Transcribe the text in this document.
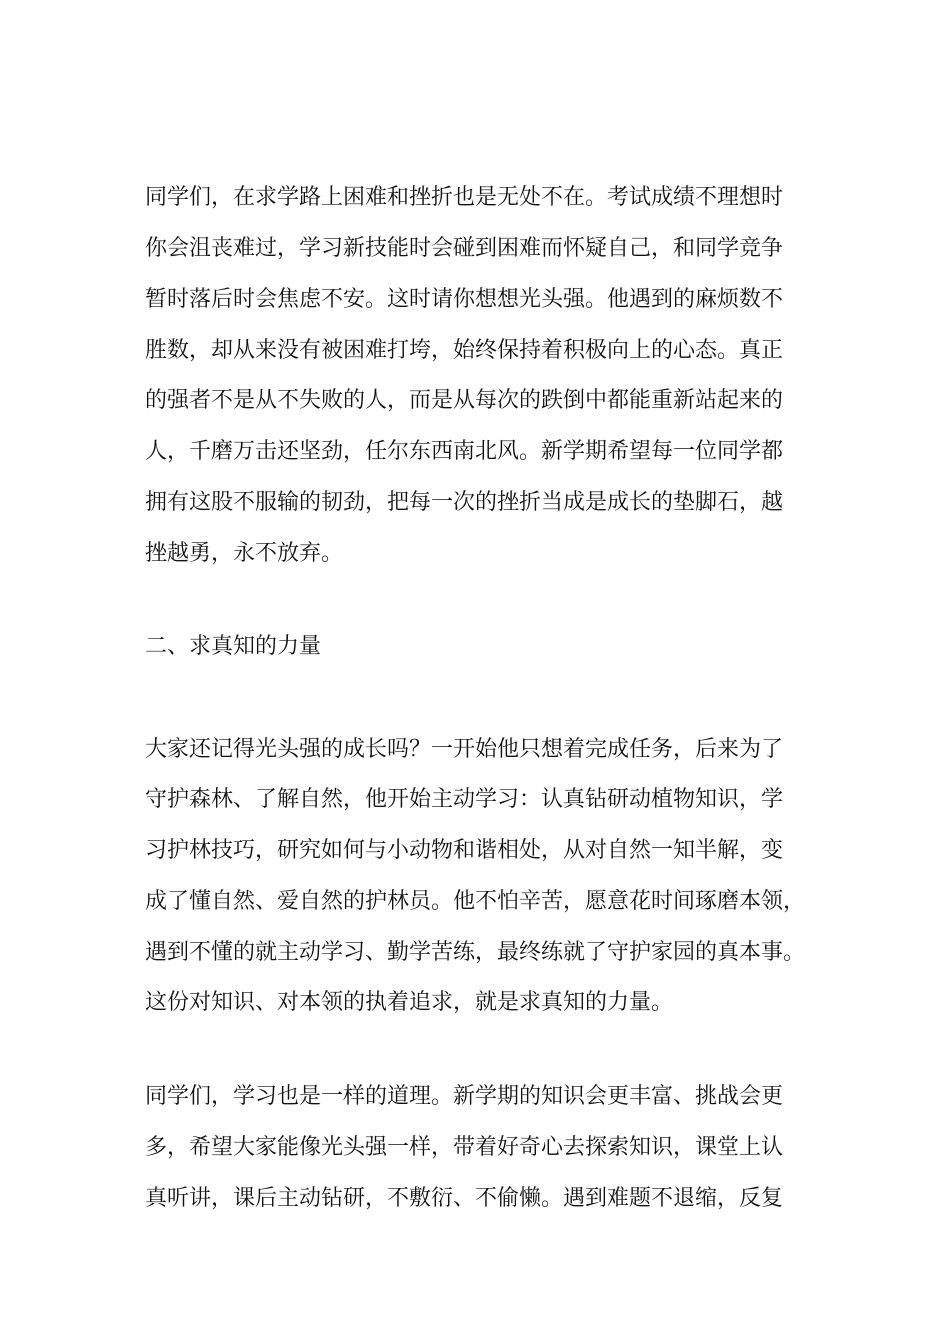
同学们，在求学路上困难和挫折也是无处不在。考试成绩不理想时

你会沮丧难过，学习新技能时会碰到困难而怀疑自己，和同学竞争

暂时落后时会焦虑不安。这时请你想想光头强。他遇到的麻烦数不

胜数，却从来没有被困难打垮，始终保持着积极向上的心态。真正

的强者不是从不失败的人，而是从每次的跌倒中都能重新站起来的

人，千磨万击还坚劲，任尔东西南北风。新学期希望每一位同学都

拥有这股不服输的韧劲，把每一次的挫折当成是成长的垫脚石，越

挫越勇，永不放弃。

二、求真知的力量

大家还记得光头强的成长吗？一开始他只想着完成任务，后来为了

守护森林、了解自然，他开始主动学习：认真钻研动植物知识，学

习护林技巧，研究如何与小动物和谐相处，从对自然一知半解，变

成了懂自然、爱自然的护林员。他不怕辛苦，愿意花时间琢磨本领，

遇到不懂的就主动学习、勤学苦练，最终练就了守护家园的真本事。

这份对知识、对本领的执着追求，就是求真知的力量。

同学们，学习也是一样的道理。新学期的知识会更丰富、挑战会更

多，希望大家能像光头强一样，带着好奇心去探索知识，课堂上认

真听讲，课后主动钻研，不敷衍、不偷懒。遇到难题不退缩，反复
